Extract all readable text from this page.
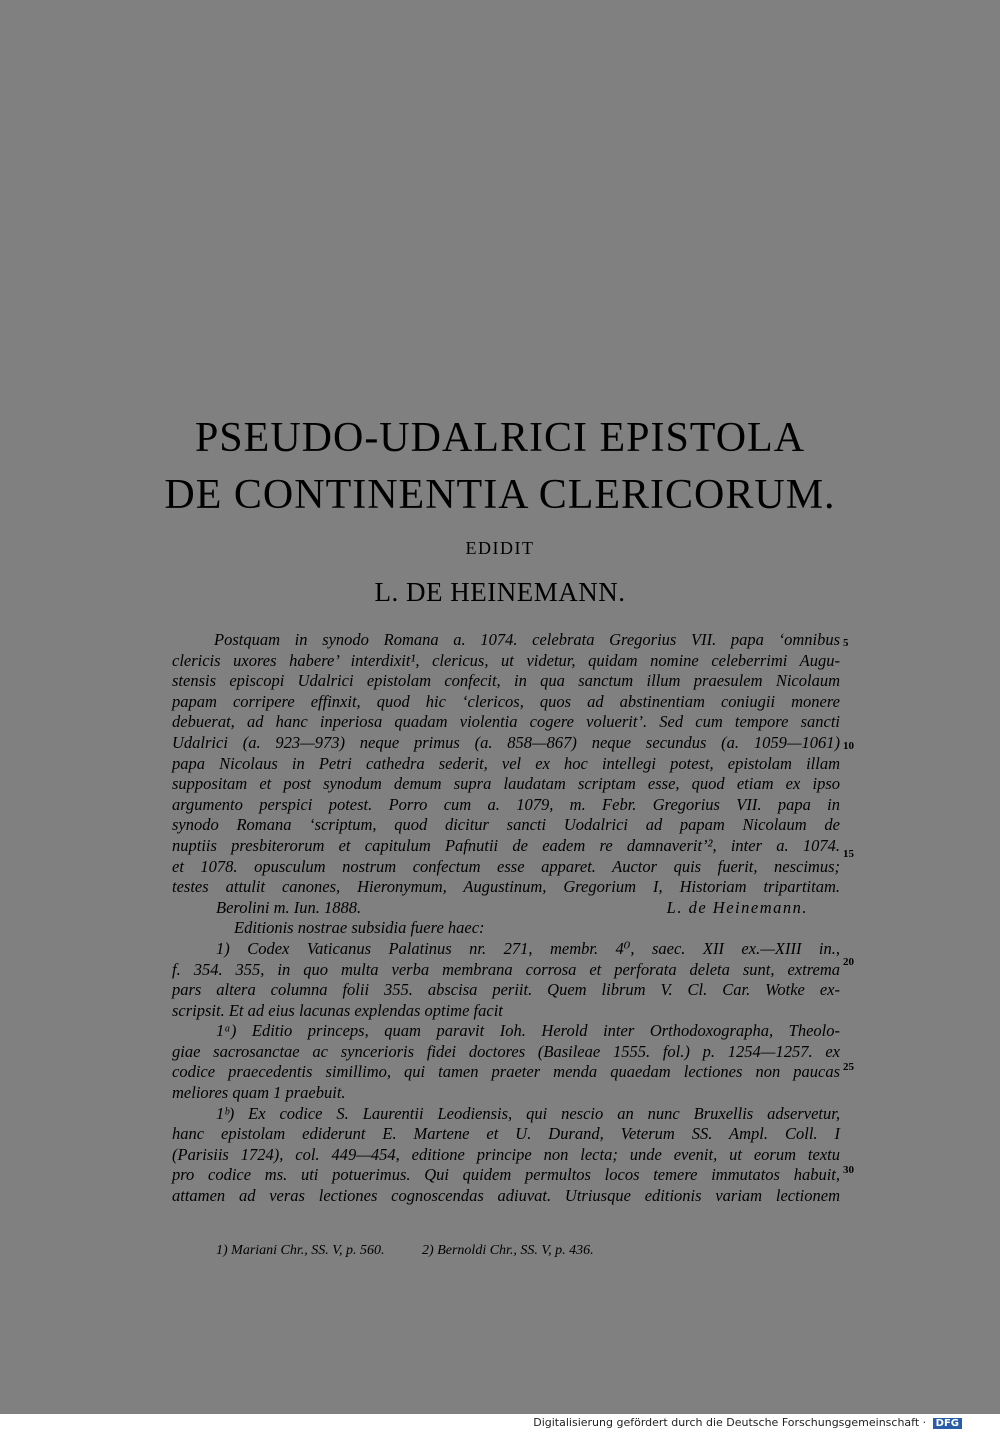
PSEUDO-UDALRICI EPISTOLA
DE CONTINENTIA CLERICORUM.
EDIDIT
L. DE HEINEMANN.
Postquam in synodo Romana a. 1074. celebrata Gregorius VII. papa ‘omnibus
clericis uxores habere’ interdixit¹, clericus, ut videtur, quidam nomine celeberrimi Augu-
stensis episcopi Udalrici epistolam confecit, in qua sanctum illum praesulem Nicolaum
papam corripere effinxit, quod hic ‘clericos, quos ad abstinentiam coniugii monere
debuerat, ad hanc inperiosa quadam violentia cogere voluerit’. Sed cum tempore sancti
Udalrici (a. 923—973) neque primus (a. 858—867) neque secundus (a. 1059—1061)
papa Nicolaus in Petri cathedra sederit, vel ex hoc intellegi potest, epistolam illam
suppositam et post synodum demum supra laudatam scriptam esse, quod etiam ex ipso
argumento perspici potest. Porro cum a. 1079, m. Febr. Gregorius VII. papa in
synodo Romana ‘scriptum, quod dicitur sancti Uodalrici ad papam Nicolaum de
nuptiis presbiterorum et capitulum Pafnutii de eadem re damnaverit’², inter a. 1074.
et 1078. opusculum nostrum confectum esse apparet. Auctor quis fuerit, nescimus;
testes attulit canones, Hieronymum, Augustinum, Gregorium I, Historiam tripartitam.
Berolini m. Iun. 1888.	L. de Heinemann.
Editionis nostrae subsidia fuere haec:
1) Codex Vaticanus Palatinus nr. 271, membr. 4⁰, saec. XII ex.—XIII in.,
f. 354. 355, in quo multa verba membrana corrosa et perforata deleta sunt, extrema
pars altera columna folii 355. abscisa periit. Quem librum V. Cl. Car. Wotke ex-
scripsit. Et ad eius lacunas explendas optime facit
1ᵃ) Editio princeps, quam paravit Ioh. Herold inter Orthodoxographa, Theolo-
giae sacrosanctae ac syncerioris fidei doctores (Basileae 1555. fol.) p. 1254—1257. ex
codice praecedentis simillimo, qui tamen praeter menda quaedam lectiones non paucas
meliores quam 1 praebuit.
1ᵇ) Ex codice S. Laurentii Leodiensis, qui nescio an nunc Bruxellis adservetur,
hanc epistolam ediderunt E. Martene et U. Durand, Veterum SS. Ampl. Coll. I
(Parisiis 1724), col. 449—454, editione principe non lecta; unde evenit, ut eorum textu
pro codice ms. uti potuerimus. Qui quidem permultos locos temere immutatos habuit,
attamen ad veras lectiones cognoscendas adiuvat. Utriusque editionis variam lectionem
5
10
15
20
25
30
1) Mariani Chr., SS. V, p. 560.	2) Bernoldi Chr., SS. V, p. 436.
Digitalisierung gefördert durch die Deutsche Forschungsgemeinschaft · DFG
